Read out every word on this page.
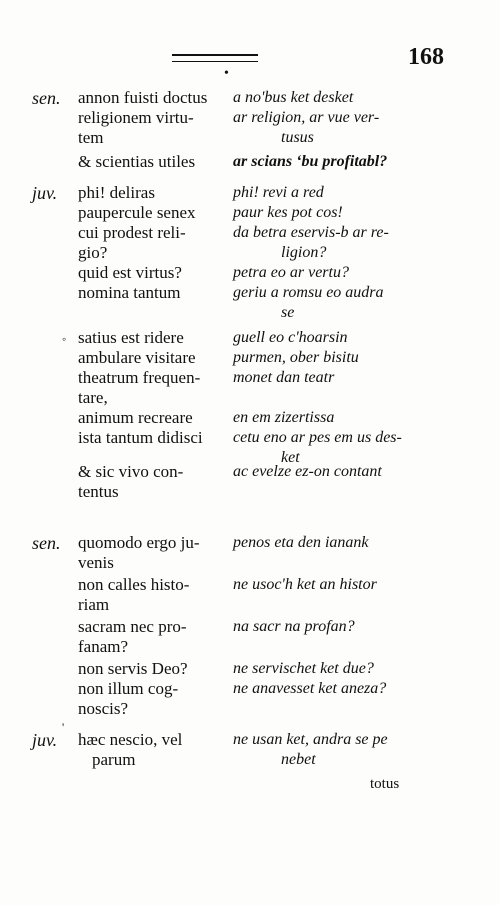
•
168
sen. annon fuisti doctus
religionem virtu-
tem
& scientias utiles
a no'bus ket desket
ar religion, ar vue ver-
tusus
ar scians ‘bu profitabl?
juv. phi! deliras
paupercule senex
cui prodest reli-
gio?
quid est virtus?
nomina tantum
phi! revi a red
paur kes pot cos!
da betra eservis-b ar re-
ligion?
petra eo ar vertu?
geriu a romsu eo audra
se
◦ satius est ridere
ambulare visitare
theatrum frequen-
tare,
animum recreare
ista tantum didisci
& sic vivo con-
tentus
guell eo c'hoarsin
purmen, ober bisitu
monet dan teatr
en em zizertissa
cetu eno ar pes em us des-
ket
ac evelze ez-on contant
sen. quomodo ergo ju-
venis
non calles histo-
riam
sacram nec pro-
fanam?
non servis Deo?
non illum cog-
noscis?
penos eta den ianank
ne usoc'h ket an histor
na sacr na profan?
ne servischet ket due?
ne anavesset ket aneza?
'
juv. hæc nescio, vel
parum
ne usan ket, andra se pe
nebet
totus
